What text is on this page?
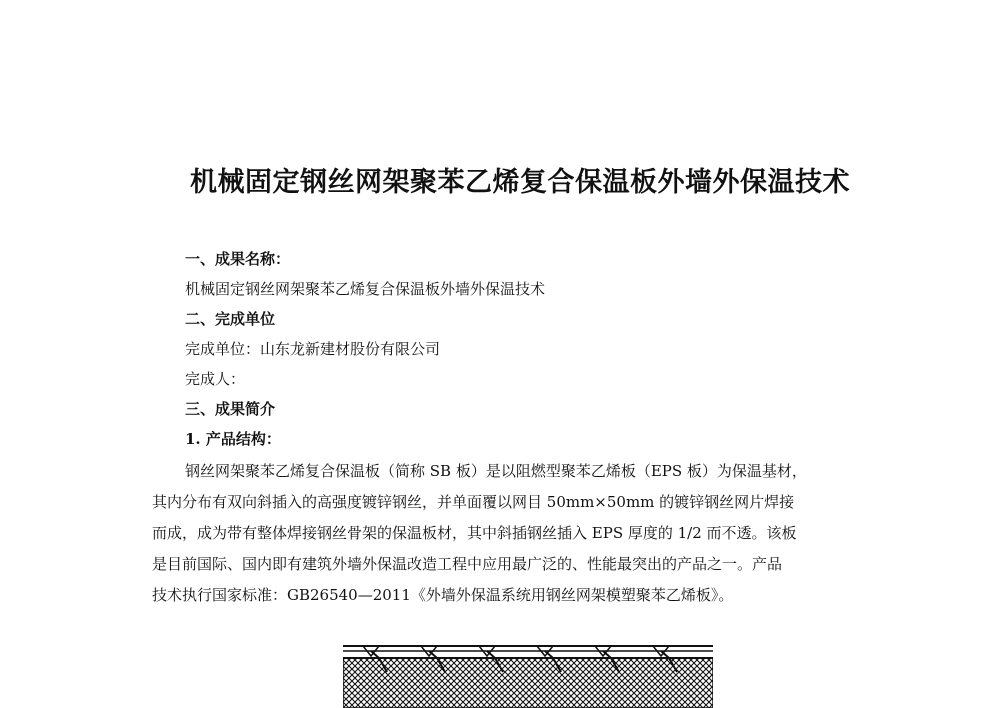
机械固定钢丝网架聚苯乙烯复合保温板外墙外保温技术
一、成果名称：
机械固定钢丝网架聚苯乙烯复合保温板外墙外保温技术
二、完成单位
完成单位：山东龙新建材股份有限公司
完成人：
三、成果简介
1. 产品结构：
钢丝网架聚苯乙烯复合保温板（简称 SB 板）是以阻燃型聚苯乙烯板（EPS 板）为保温基材，
其内分布有双向斜插入的高强度镀锌钢丝，并单面覆以网目 50mm×50mm 的镀锌钢丝网片焊接
而成，成为带有整体焊接钢丝骨架的保温板材，其中斜插钢丝插入 EPS 厚度的 1/2 而不透。该板
是目前国际、国内即有建筑外墙外保温改造工程中应用最广泛的、性能最突出的产品之一。产品
技术执行国家标准：GB26540—2011《外墙外保温系统用钢丝网架模塑聚苯乙烯板》。
